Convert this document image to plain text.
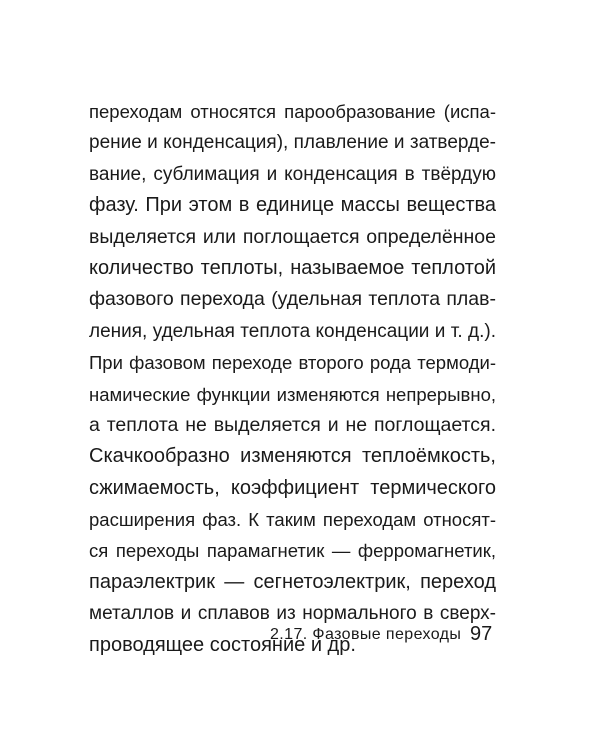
переходам относятся парообразование (испа-
рение и конденсация), плавление и затверде-
вание, сублимация и конденсация в твёрдую
фазу. При этом в единице массы вещества
выделяется или поглощается определённое
количество теплоты, называемое теплотой
фазового перехода (удельная теплота плав-
ления, удельная теплота конденсации и т. д.).
При фазовом переходе второго рода термоди-
намические функции изменяются непрерывно,
а теплота не выделяется и не поглощается.
Скачкообразно изменяются теплоёмкость,
сжимаемость, коэффициент термического
расширения фаз. К таким переходам относят-
ся переходы парамагнетик — ферромагнетик,
параэлектрик — сегнетоэлектрик, переход
металлов и сплавов из нормального в сверх-
проводящее состояние и др.
2.17. Фазовые переходы 97
